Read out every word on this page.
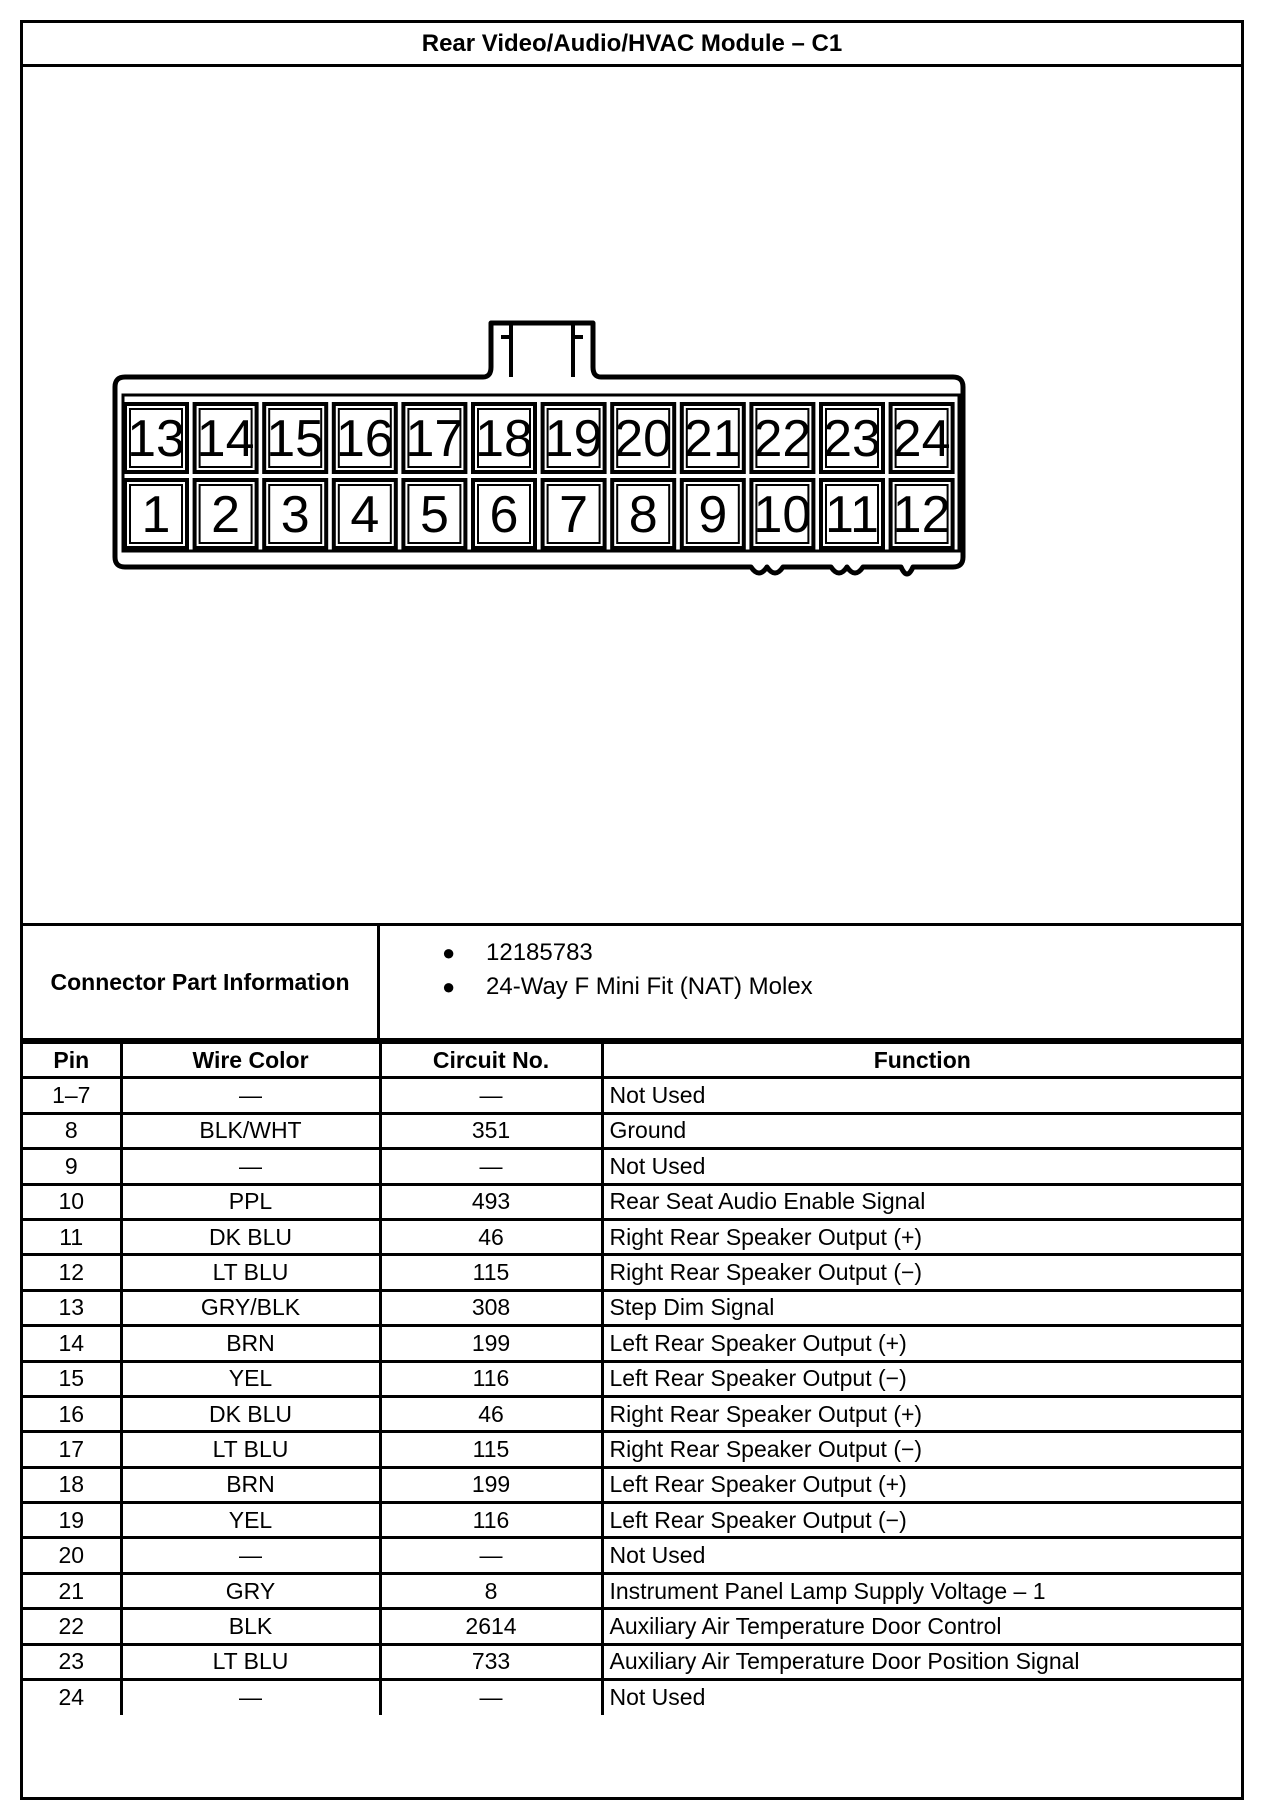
Rear Video/Audio/HVAC Module – C1
13 14 15 16 17 18 19 20 21 22 23 24
1 2 3 4 5 6 7 8 9 10 11 12
Connector Part Information
● 12185783
● 24-Way F Mini Fit (NAT) Molex
Pin	Wire Color	Circuit No.	Function
1–7	—	—	Not Used
8	BLK/WHT	351	Ground
9	—	—	Not Used
10	PPL	493	Rear Seat Audio Enable Signal
11	DK BLU	46	Right Rear Speaker Output (+)
12	LT BLU	115	Right Rear Speaker Output (−)
13	GRY/BLK	308	Step Dim Signal
14	BRN	199	Left Rear Speaker Output (+)
15	YEL	116	Left Rear Speaker Output (−)
16	DK BLU	46	Right Rear Speaker Output (+)
17	LT BLU	115	Right Rear Speaker Output (−)
18	BRN	199	Left Rear Speaker Output (+)
19	YEL	116	Left Rear Speaker Output (−)
20	—	—	Not Used
21	GRY	8	Instrument Panel Lamp Supply Voltage – 1
22	BLK	2614	Auxiliary Air Temperature Door Control
23	LT BLU	733	Auxiliary Air Temperature Door Position Signal
24	—	—	Not Used
